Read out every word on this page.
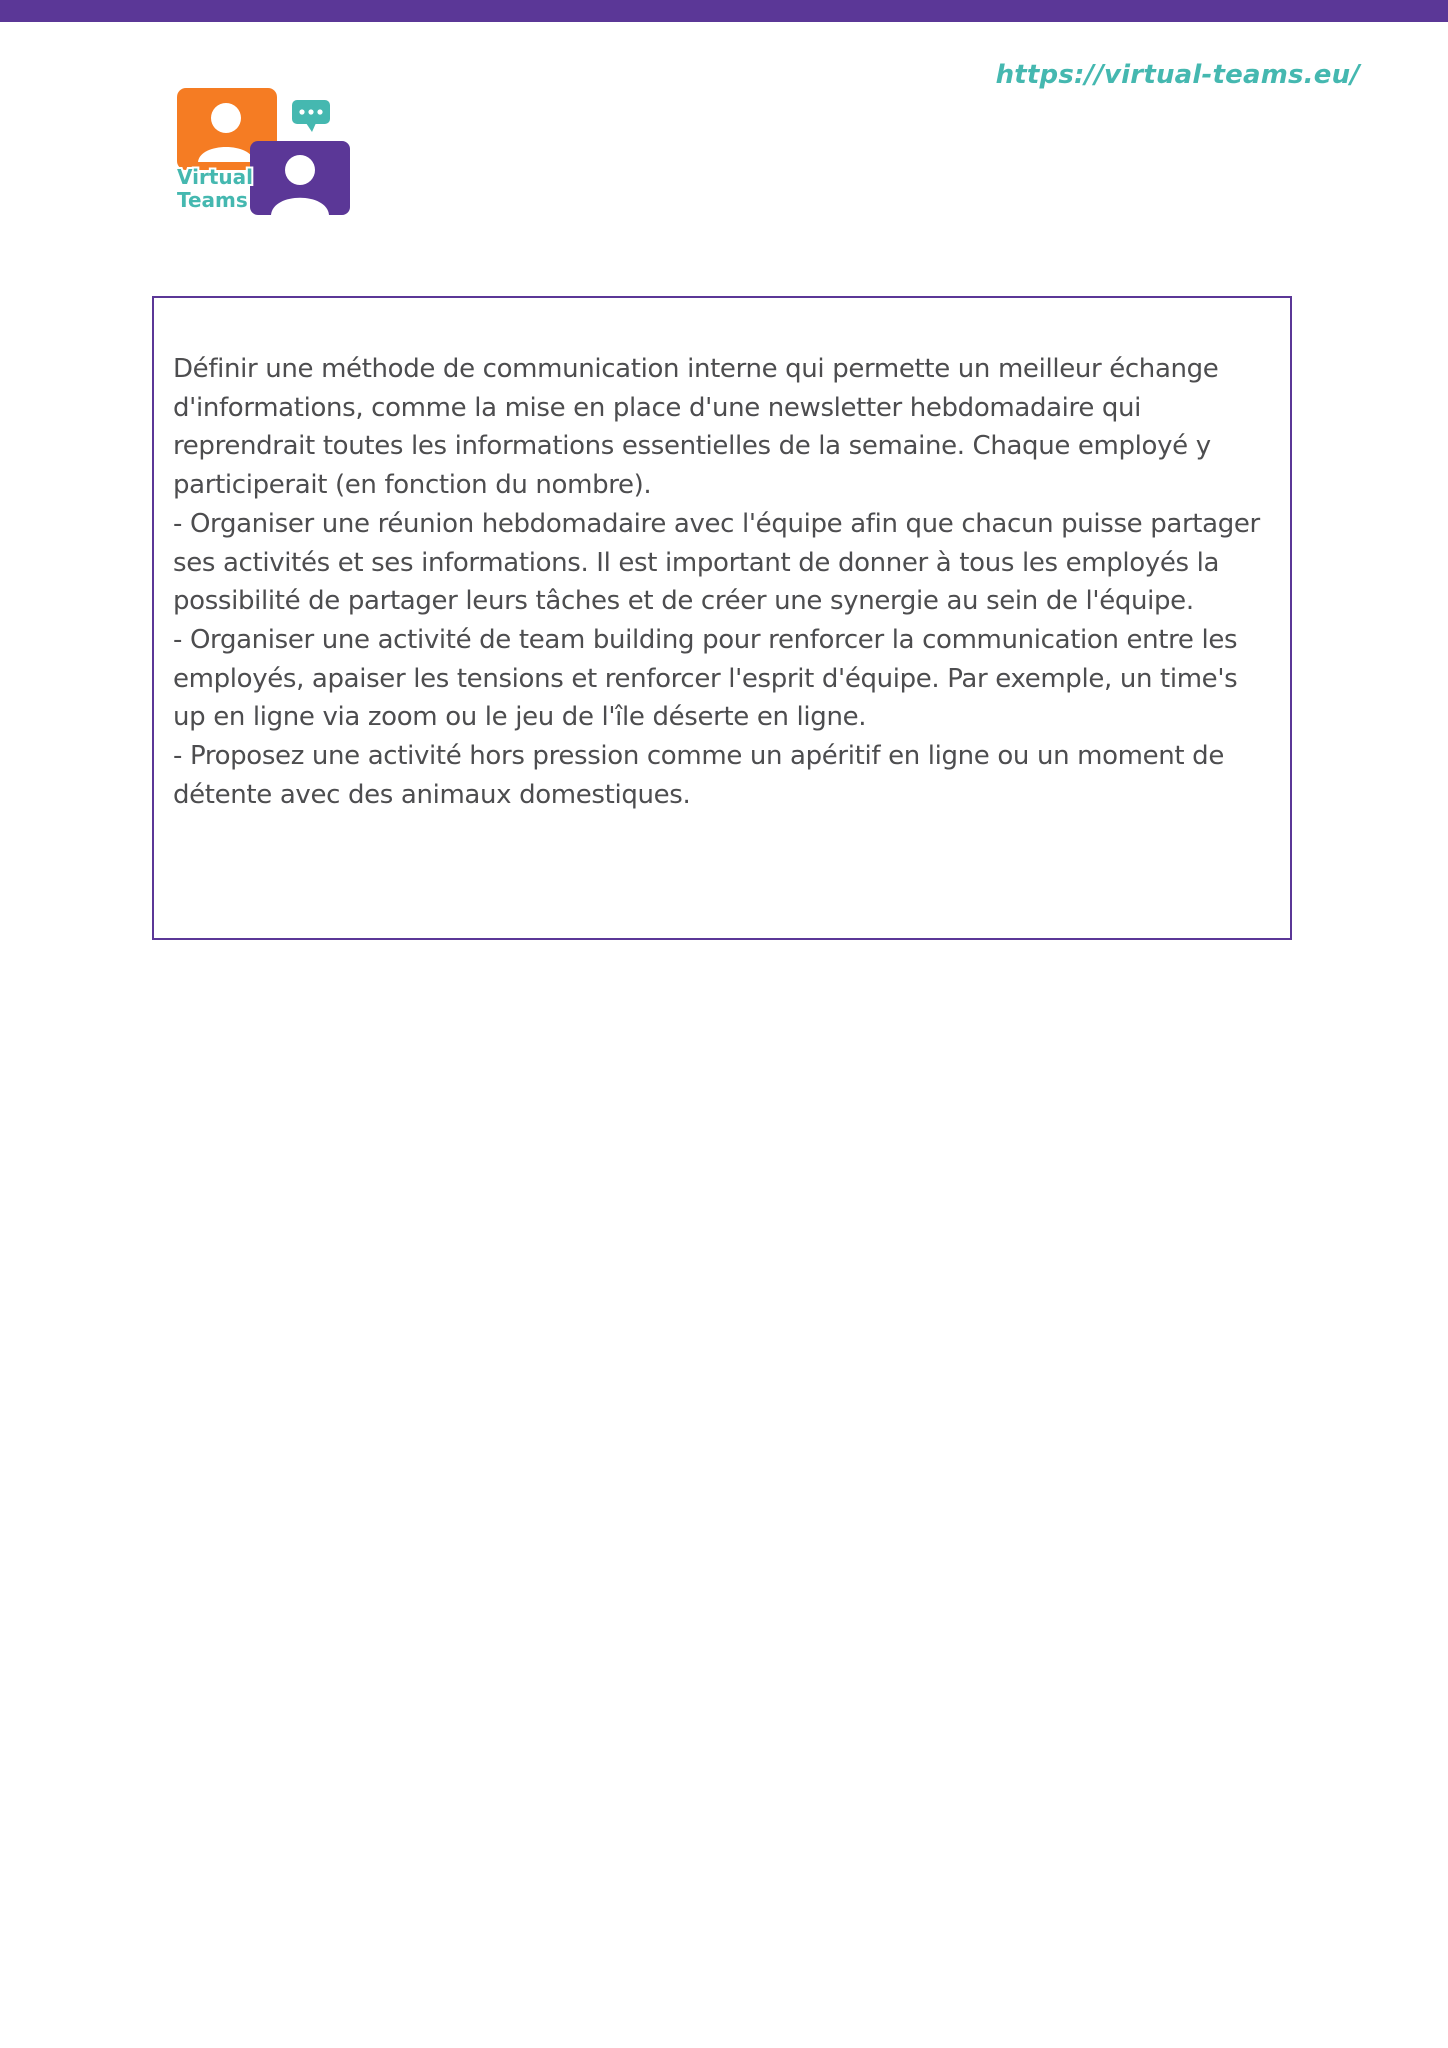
https://virtual-teams.eu/
Virtual
Teams

Définir une méthode de communication interne qui permette un meilleur échange d'informations, comme la mise en place d'une newsletter hebdomadaire qui reprendrait toutes les informations essentielles de la semaine. Chaque employé y participerait (en fonction du nombre).

- Organiser une réunion hebdomadaire avec l'équipe afin que chacun puisse partager ses activités et ses informations. Il est important de donner à tous les employés la possibilité de partager leurs tâches et de créer une synergie au sein de l'équipe.

- Organiser une activité de team building pour renforcer la communication entre les employés, apaiser les tensions et renforcer l'esprit d'équipe. Par exemple, un time's up en ligne via zoom ou le jeu de l'île déserte en ligne.

- Proposez une activité hors pression comme un apéritif en ligne ou un moment de détente avec des animaux domestiques.
